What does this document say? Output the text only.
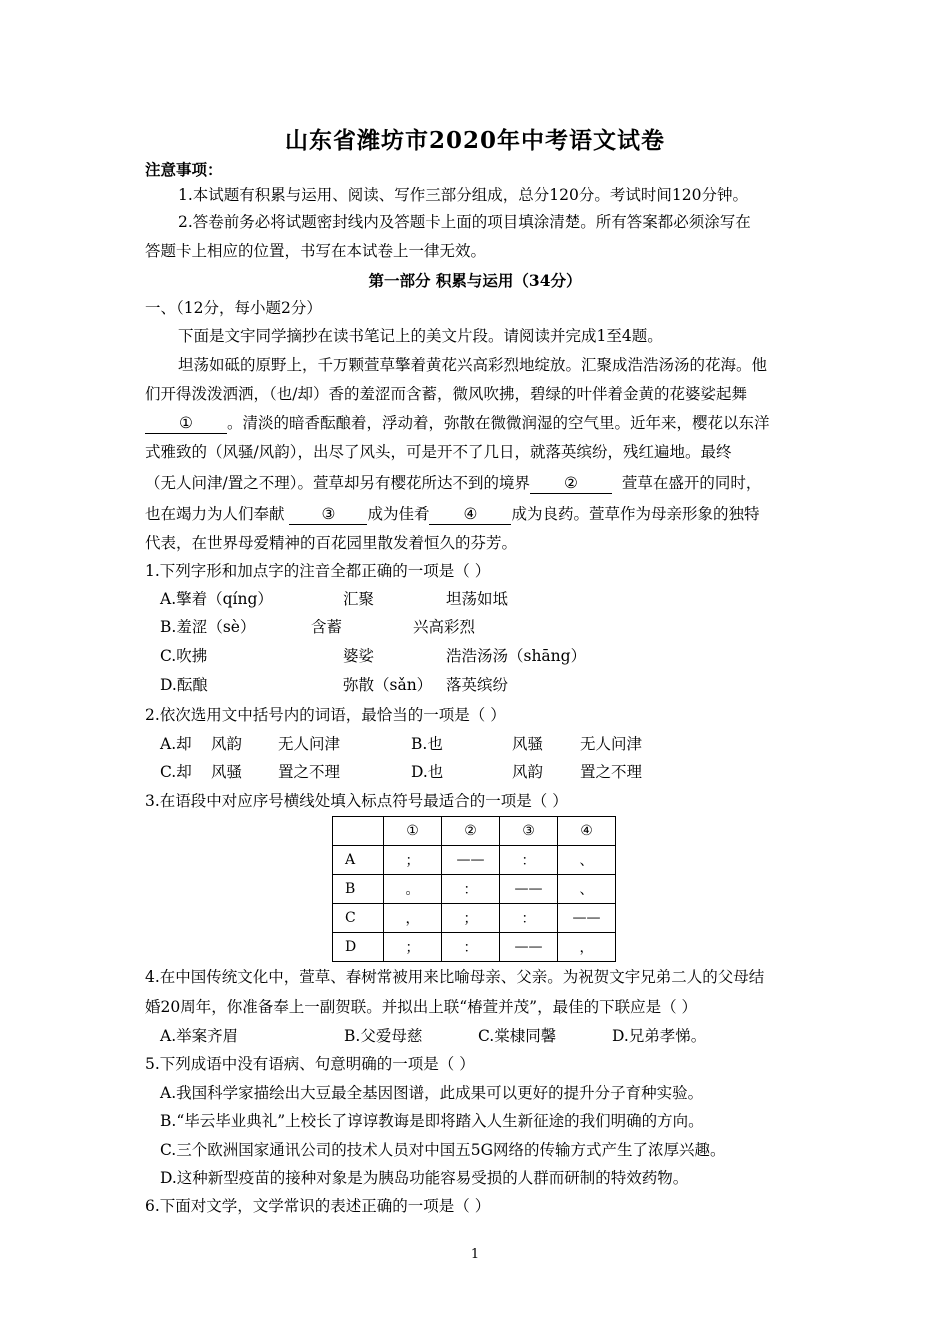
山东省潍坊市2020年中考语文试卷
注意事项：
1.本试题有积累与运用、阅读、写作三部分组成，总分120分。考试时间120分钟。
2.答卷前务必将试题密封线内及答题卡上面的项目填涂清楚。所有答案都必须涂写在
答题卡上相应的位置，书写在本试卷上一律无效。
第一部分 积累与运用（34分）
一、（12分，每小题2分）
下面是文宇同学摘抄在读书笔记上的美文片段。请阅读并完成1至4题。
坦荡如砥的原野上，千万颗萱草擎着黄花兴高彩烈地绽放。汇聚成浩浩汤汤的花海。他
们开得泼泼洒洒，（也/却）香的羞涩而含蓄，微风吹拂，碧绿的叶伴着金黄的花婆娑起舞
① 。清淡的暗香酝酿着，浮动着，弥散在微微润湿的空气里。近年来，樱花以东洋
式雅致的（风骚/风韵），出尽了风头，可是开不了几日，就落英缤纷，残红遍地。最终
（无人问津/置之不理）。萱草却另有樱花所达不到的境界 ②	萱草在盛开的同时，
也在竭力为人们奉献 ③ 成为佳肴 ④ 成为良药。萱草作为母亲形象的独特
代表，在世界母爱精神的百花园里散发着恒久的芬芳。
1.下列字形和加点字的注音全都正确的一项是（ ）
A.擎着（qíng）	汇聚	坦荡如坻
B.羞涩（sè）	含蓄	兴高彩烈
C.吹拂	婆娑	浩浩汤汤（shāng）
D.酝酿	弥散（sǎn） 落英缤纷
2.依次选用文中括号内的词语，最恰当的一项是（ ）
A.却 风韵 无人问津	B.也	风骚 无人问津
C.却 风骚 置之不理	D.也	风韵 置之不理
3.在语段中对应序号横线处填入标点符号最适合的一项是（ ）
	①	②	③	④
A	；	——	：	、
B	。	：	——	、
C	，	；	：	——
D	；	：	——	，
4.在中国传统文化中，萱草、春树常被用来比喻母亲、父亲。为祝贺文宇兄弟二人的父母结
婚20周年，你准备奉上一副贺联。并拟出上联“椿萱并茂”，最佳的下联应是（ ）
A.举案齐眉	B.父爱母慈	C.棠棣同馨	D.兄弟孝悌。
5.下列成语中没有语病、句意明确的一项是（ ）
A.我国科学家描绘出大豆最全基因图谱，此成果可以更好的提升分子育种实验。
B.“毕云毕业典礼”上校长了谆谆教诲是即将踏入人生新征途的我们明确的方向。
C.三个欧洲国家通讯公司的技术人员对中国五5G网络的传输方式产生了浓厚兴趣。
D.这种新型疫苗的接种对象是为胰岛功能容易受损的人群而研制的特效药物。
6.下面对文学，文学常识的表述正确的一项是（ ）
1
